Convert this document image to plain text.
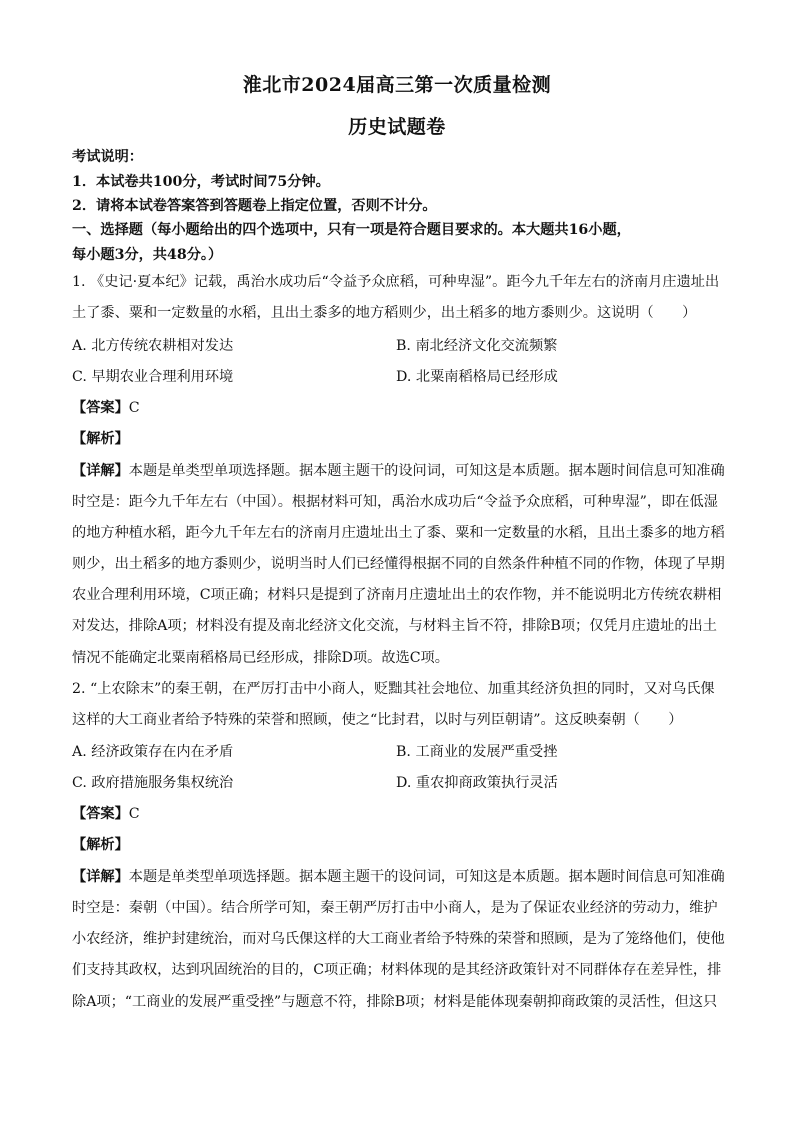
淮北市2024届高三第一次质量检测
历史试题卷
考试说明：
1．本试卷共100分，考试时间75分钟。
2．请将本试卷答案答到答题卷上指定位置，否则不计分。
一、选择题（每小题给出的四个选项中，只有一项是符合题目要求的。本大题共16小题，
每小题3分，共48分。）
1. 《史记·夏本纪》记载，禹治水成功后“令益予众庶稻，可种卑湿”。距今九千年左右的济南月庄遗址出
土了黍、粟和一定数量的水稻，且出土黍多的地方稻则少，出土稻多的地方黍则少。这说明（　　）
A. 北方传统农耕相对发达	B. 南北经济文化交流频繁
C. 早期农业合理利用环境	D. 北粟南稻格局已经形成
【答案】C
【解析】
【详解】本题是单类型单项选择题。据本题主题干的设问词，可知这是本质题。据本题时间信息可知准确
时空是：距今九千年左右（中国）。根据材料可知，禹治水成功后“令益予众庶稻，可种卑湿”，即在低湿
的地方种植水稻，距今九千年左右的济南月庄遗址出土了黍、粟和一定数量的水稻，且出土黍多的地方稻
则少，出土稻多的地方黍则少，说明当时人们已经懂得根据不同的自然条件种植不同的作物，体现了早期
农业合理利用环境，C项正确；材料只是提到了济南月庄遗址出土的农作物，并不能说明北方传统农耕相
对发达，排除A项；材料没有提及南北经济文化交流，与材料主旨不符，排除B项；仅凭月庄遗址的出土
情况不能确定北粟南稻格局已经形成，排除D项。故选C项。
2. “上农除末”的秦王朝，在严厉打击中小商人，贬黜其社会地位、加重其经济负担的同时，又对乌氏倮
这样的大工商业者给予特殊的荣誉和照顾，使之“比封君，以时与列臣朝请”。这反映秦朝（　　）
A. 经济政策存在内在矛盾	B. 工商业的发展严重受挫
C. 政府措施服务集权统治	D. 重农抑商政策执行灵活
【答案】C
【解析】
【详解】本题是单类型单项选择题。据本题主题干的设问词，可知这是本质题。据本题时间信息可知准确
时空是：秦朝（中国）。结合所学可知，秦王朝严厉打击中小商人，是为了保证农业经济的劳动力，维护
小农经济，维护封建统治，而对乌氏倮这样的大工商业者给予特殊的荣誉和照顾，是为了笼络他们，使他
们支持其政权，达到巩固统治的目的，C项正确；材料体现的是其经济政策针对不同群体存在差异性，排
除A项；“工商业的发展严重受挫”与题意不符，排除B项；材料是能体现秦朝抑商政策的灵活性，但这只
